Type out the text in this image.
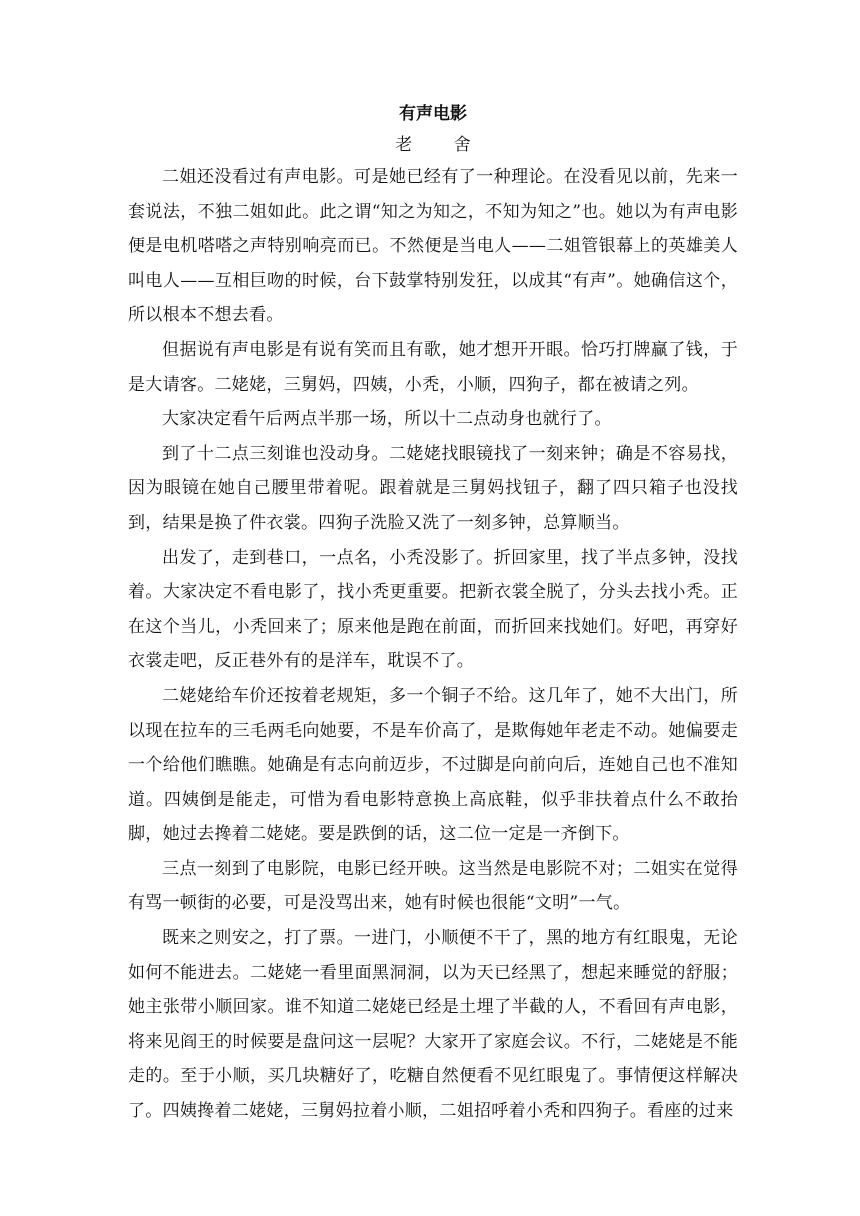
有声电影
老 舍

二姐还没看过有声电影。可是她已经有了一种理论。在没看见以前，先来一套说法，不独二姐如此。此之谓“知之为知之，不知为知之”也。她以为有声电影便是电机嗒嗒之声特别响亮而已。不然便是当电人——二姐管银幕上的英雄美人叫电人——互相巨吻的时候，台下鼓掌特别发狂，以成其“有声”。她确信这个，所以根本不想去看。

但据说有声电影是有说有笑而且有歌，她才想开开眼。恰巧打牌赢了钱，于是大请客。二姥姥，三舅妈，四姨，小秃，小顺，四狗子，都在被请之列。

大家决定看午后两点半那一场，所以十二点动身也就行了。

到了十二点三刻谁也没动身。二姥姥找眼镜找了一刻来钟；确是不容易找，因为眼镜在她自己腰里带着呢。跟着就是三舅妈找钮子，翻了四只箱子也没找到，结果是换了件衣裳。四狗子洗脸又洗了一刻多钟，总算顺当。

出发了，走到巷口，一点名，小秃没影了。折回家里，找了半点多钟，没找着。大家决定不看电影了，找小秃更重要。把新衣裳全脱了，分头去找小秃。正在这个当儿，小秃回来了；原来他是跑在前面，而折回来找她们。好吧，再穿好衣裳走吧，反正巷外有的是洋车，耽误不了。

二姥姥给车价还按着老规矩，多一个铜子不给。这几年了，她不大出门，所以现在拉车的三毛两毛向她要，不是车价高了，是欺侮她年老走不动。她偏要走一个给他们瞧瞧。她确是有志向前迈步，不过脚是向前向后，连她自己也不准知道。四姨倒是能走，可惜为看电影特意换上高底鞋，似乎非扶着点什么不敢抬脚，她过去搀着二姥姥。要是跌倒的话，这二位一定是一齐倒下。

三点一刻到了电影院，电影已经开映。这当然是电影院不对；二姐实在觉得有骂一顿街的必要，可是没骂出来，她有时候也很能“文明”一气。

既来之则安之，打了票。一进门，小顺便不干了，黑的地方有红眼鬼，无论如何不能进去。二姥姥一看里面黑洞洞，以为天已经黑了，想起来睡觉的舒服；她主张带小顺回家。谁不知道二姥姥已经是土埋了半截的人，不看回有声电影，将来见阎王的时候要是盘问这一层呢？大家开了家庭会议。不行，二姥姥是不能走的。至于小顺，买几块糖好了，吃糖自然便看不见红眼鬼了。事情便这样解决了。四姨搀着二姥姥，三舅妈拉着小顺，二姐招呼着小秃和四狗子。看座的过来
